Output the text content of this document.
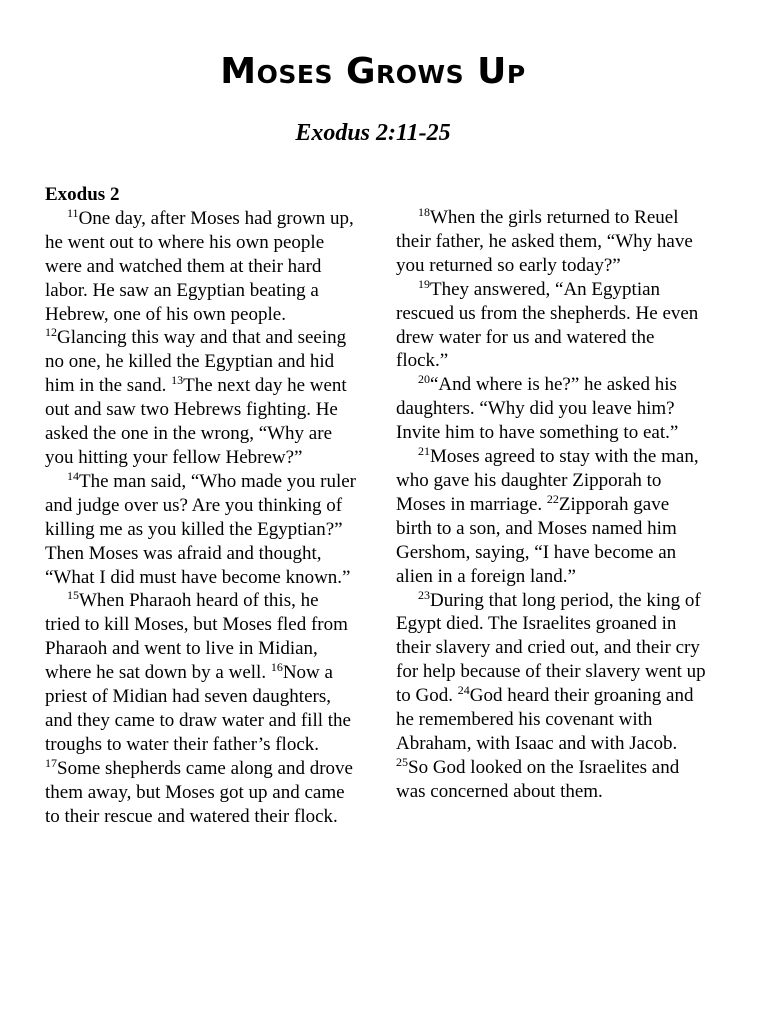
Moses Grows Up
Exodus 2:11-25

Exodus 2

$^{11}$One day, after Moses had grown up, he went out to where his own people were and watched them at their hard labor. He saw an Egyptian beating a Hebrew, one of his own people. $^{12}$Glancing this way and that and seeing no one, he killed the Egyptian and hid him in the sand. $^{13}$The next day he went out and saw two Hebrews fighting. He asked the one in the wrong, “Why are you hitting your fellow Hebrew?”

$^{14}$The man said, “Who made you ruler and judge over us? Are you thinking of killing me as you killed the Egyptian?” Then Moses was afraid and thought, “What I did must have become known.”

$^{15}$When Pharaoh heard of this, he tried to kill Moses, but Moses fled from Pharaoh and went to live in Midian, where he sat down by a well. $^{16}$Now a priest of Midian had seven daughters, and they came to draw water and fill the troughs to water their father’s flock. $^{17}$Some shepherds came along and drove them away, but Moses got up and came to their rescue and watered their flock.

$^{18}$When the girls returned to Reuel their father, he asked them, “Why have you returned so early today?”

$^{19}$They answered, “An Egyptian rescued us from the shepherds. He even drew water for us and watered the flock.”

$^{20}$“And where is he?” he asked his daughters. “Why did you leave him? Invite him to have something to eat.”

$^{21}$Moses agreed to stay with the man, who gave his daughter Zipporah to Moses in marriage. $^{22}$Zipporah gave birth to a son, and Moses named him Gershom, saying, “I have become an alien in a foreign land.”

$^{23}$During that long period, the king of Egypt died. The Israelites groaned in their slavery and cried out, and their cry for help because of their slavery went up to God. $^{24}$God heard their groaning and he remembered his covenant with Abraham, with Isaac and with Jacob. $^{25}$So God looked on the Israelites and was concerned about them.
